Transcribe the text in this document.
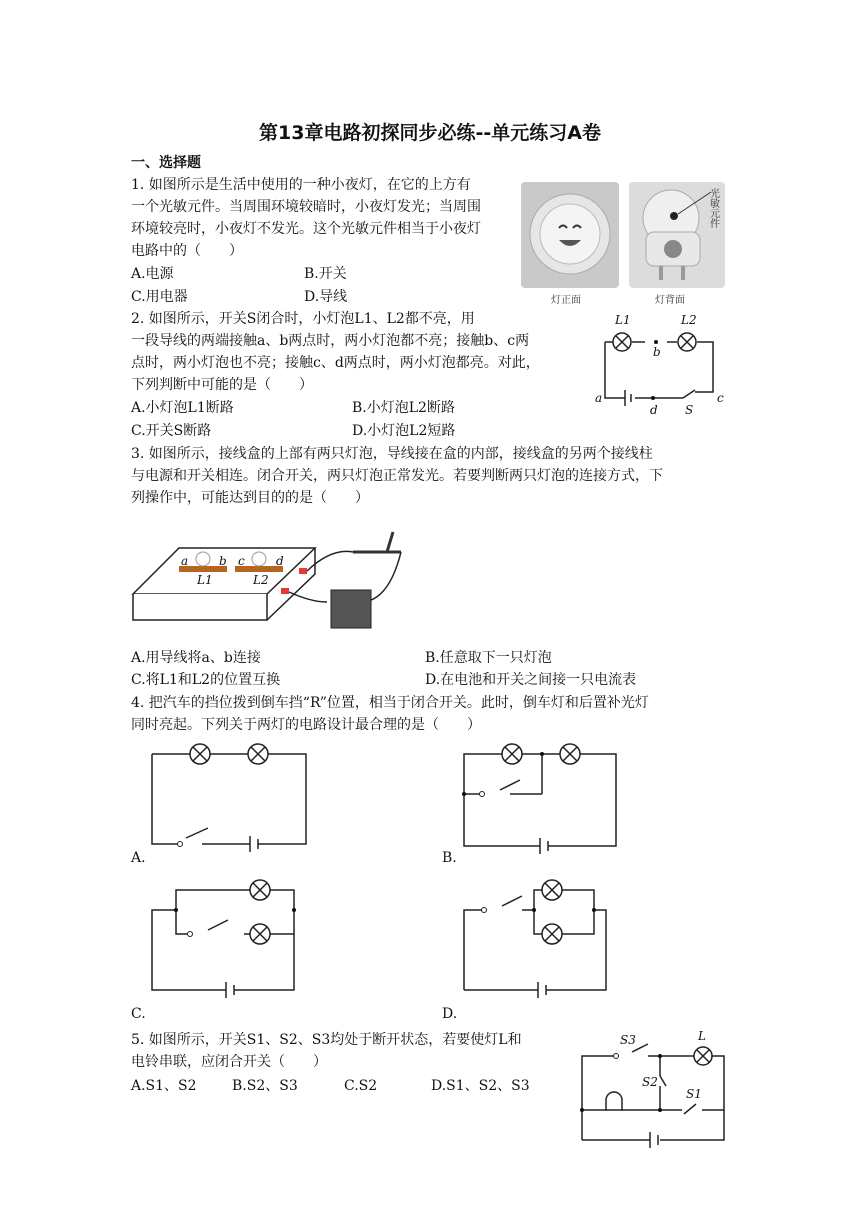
第13章电路初探同步必练--单元练习A卷
一、选择题
1. 如图所示是生活中使用的一种小夜灯，在它的上方有
一个光敏元件。当周围环境较暗时，小夜灯发光；当周围
环境较亮时，小夜灯不发光。这个光敏元件相当于小夜灯
电路中的（　　）
A.电源	B.开关
C.用电器	D.导线
光敏元件
灯正面	灯背面
2. 如图所示，开关S闭合时，小灯泡L1、L2都不亮，用
一段导线的两端接触a、b两点时，两小灯泡都不亮；接触b、c两
点时，两小灯泡也不亮；接触c、d两点时，两小灯泡都亮。对此，
下列判断中可能的是（　　）
A.小灯泡L1断路	B.小灯泡L2断路
C.开关S断路	D.小灯泡L2短路
L1	L2
b
a
d
c
S
3. 如图所示，接线盒的上部有两只灯泡，导线接在盒的内部，接线盒的另两个接线柱
与电源和开关相连。闭合开关，两只灯泡正常发光。若要判断两只灯泡的连接方式，下
列操作中，可能达到目的的是（　　）
a	b c	d
L1	L2
A.用导线将a、b连接	B.任意取下一只灯泡
C.将L1和L2的位置互换	D.在电池和开关之间接一只电流表
4. 把汽车的挡位拨到倒车挡“R”位置，相当于闭合开关。此时，倒车灯和后置补光灯
同时亮起。下列关于两灯的电路设计最合理的是（　　）
A.	B.
C.	D.
5. 如图所示，开关S1、S2、S3均处于断开状态，若要使灯L和
电铃串联，应闭合开关（　　）
A.S1、S2	B.S2、S3	C.S2	D.S1、S2、S3
S3	L
S2
S1
